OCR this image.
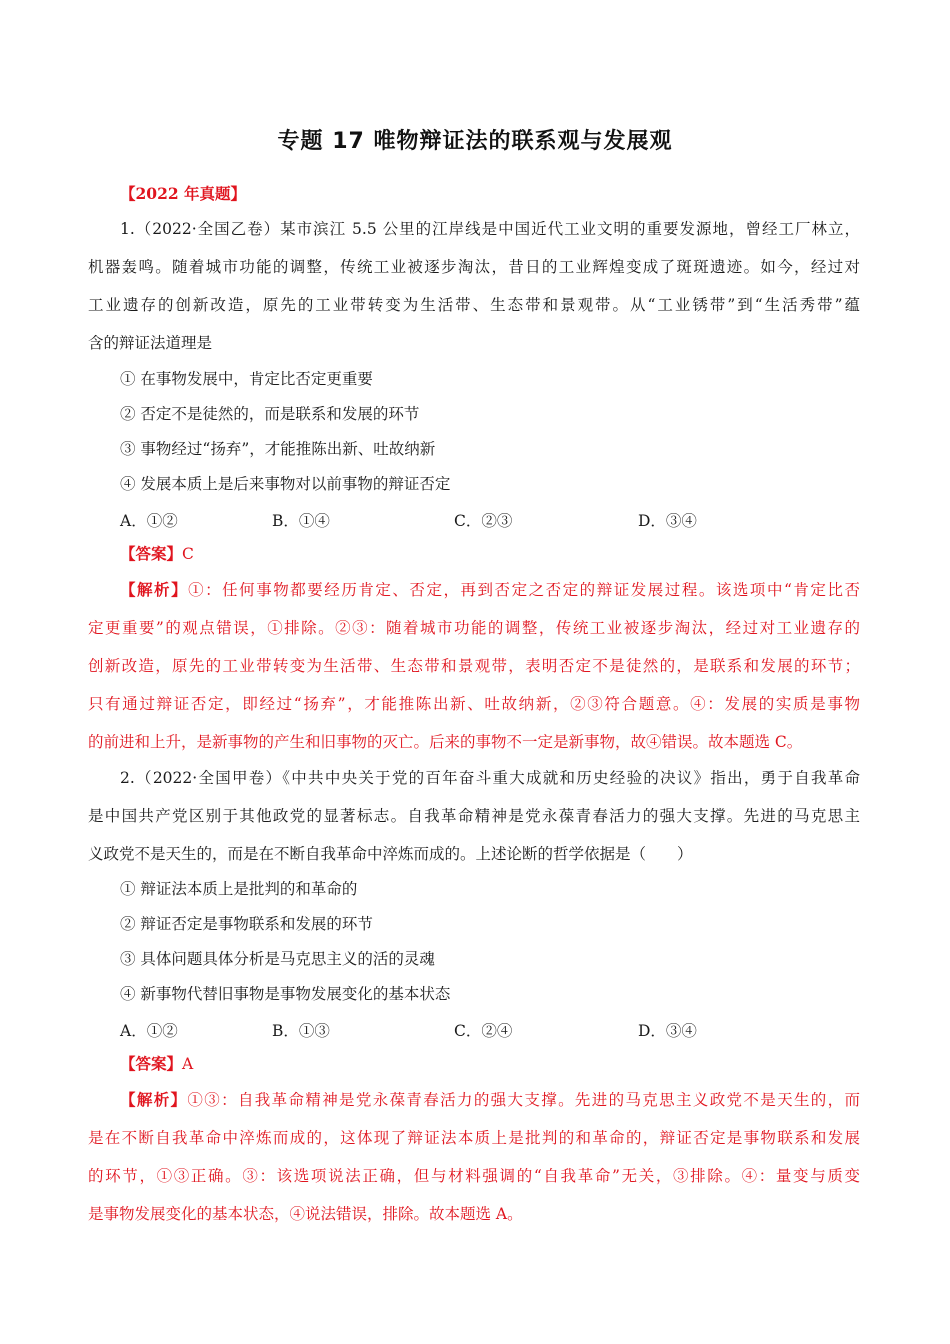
专题 17 唯物辩证法的联系观与发展观
【2022 年真题】
1.（2022·全国乙卷）某市滨江 5.5 公里的江岸线是中国近代工业文明的重要发源地，曾经工厂林立，
机器轰鸣。随着城市功能的调整，传统工业被逐步淘汰，昔日的工业辉煌变成了斑斑遗迹。如今，经过对
工业遗存的创新改造，原先的工业带转变为生活带、生态带和景观带。从“工业锈带”到“生活秀带”蕴
含的辩证法道理是
① 在事物发展中，肯定比否定更重要
② 否定不是徒然的，而是联系和发展的环节
③ 事物经过“扬弃”，才能推陈出新、吐故纳新
④ 发展本质上是后来事物对以前事物的辩证否定
A．①②	B．①④	C．②③	D．③④
【答案】C
【解析】①：任何事物都要经历肯定、否定，再到否定之否定的辩证发展过程。该选项中“肯定比否
定更重要”的观点错误，①排除。②③：随着城市功能的调整，传统工业被逐步淘汰，经过对工业遗存的
创新改造，原先的工业带转变为生活带、生态带和景观带，表明否定不是徒然的，是联系和发展的环节；
只有通过辩证否定，即经过“扬弃”，才能推陈出新、吐故纳新，②③符合题意。④：发展的实质是事物
的前进和上升，是新事物的产生和旧事物的灭亡。后来的事物不一定是新事物，故④错误。故本题选 C。
2.（2022·全国甲卷）《中共中央关于党的百年奋斗重大成就和历史经验的决议》指出，勇于自我革命
是中国共产党区别于其他政党的显著标志。自我革命精神是党永葆青春活力的强大支撑。先进的马克思主
义政党不是天生的，而是在不断自我革命中淬炼而成的。上述论断的哲学依据是（　　）
① 辩证法本质上是批判的和革命的
② 辩证否定是事物联系和发展的环节
③ 具体问题具体分析是马克思主义的活的灵魂
④ 新事物代替旧事物是事物发展变化的基本状态
A．①②	B．①③	C．②④	D．③④
【答案】A
【解析】①③：自我革命精神是党永葆青春活力的强大支撑。先进的马克思主义政党不是天生的，而
是在不断自我革命中淬炼而成的，这体现了辩证法本质上是批判的和革命的，辩证否定是事物联系和发展
的环节，①③正确。③：该选项说法正确，但与材料强调的“自我革命”无关，③排除。④：量变与质变
是事物发展变化的基本状态，④说法错误，排除。故本题选 A。
